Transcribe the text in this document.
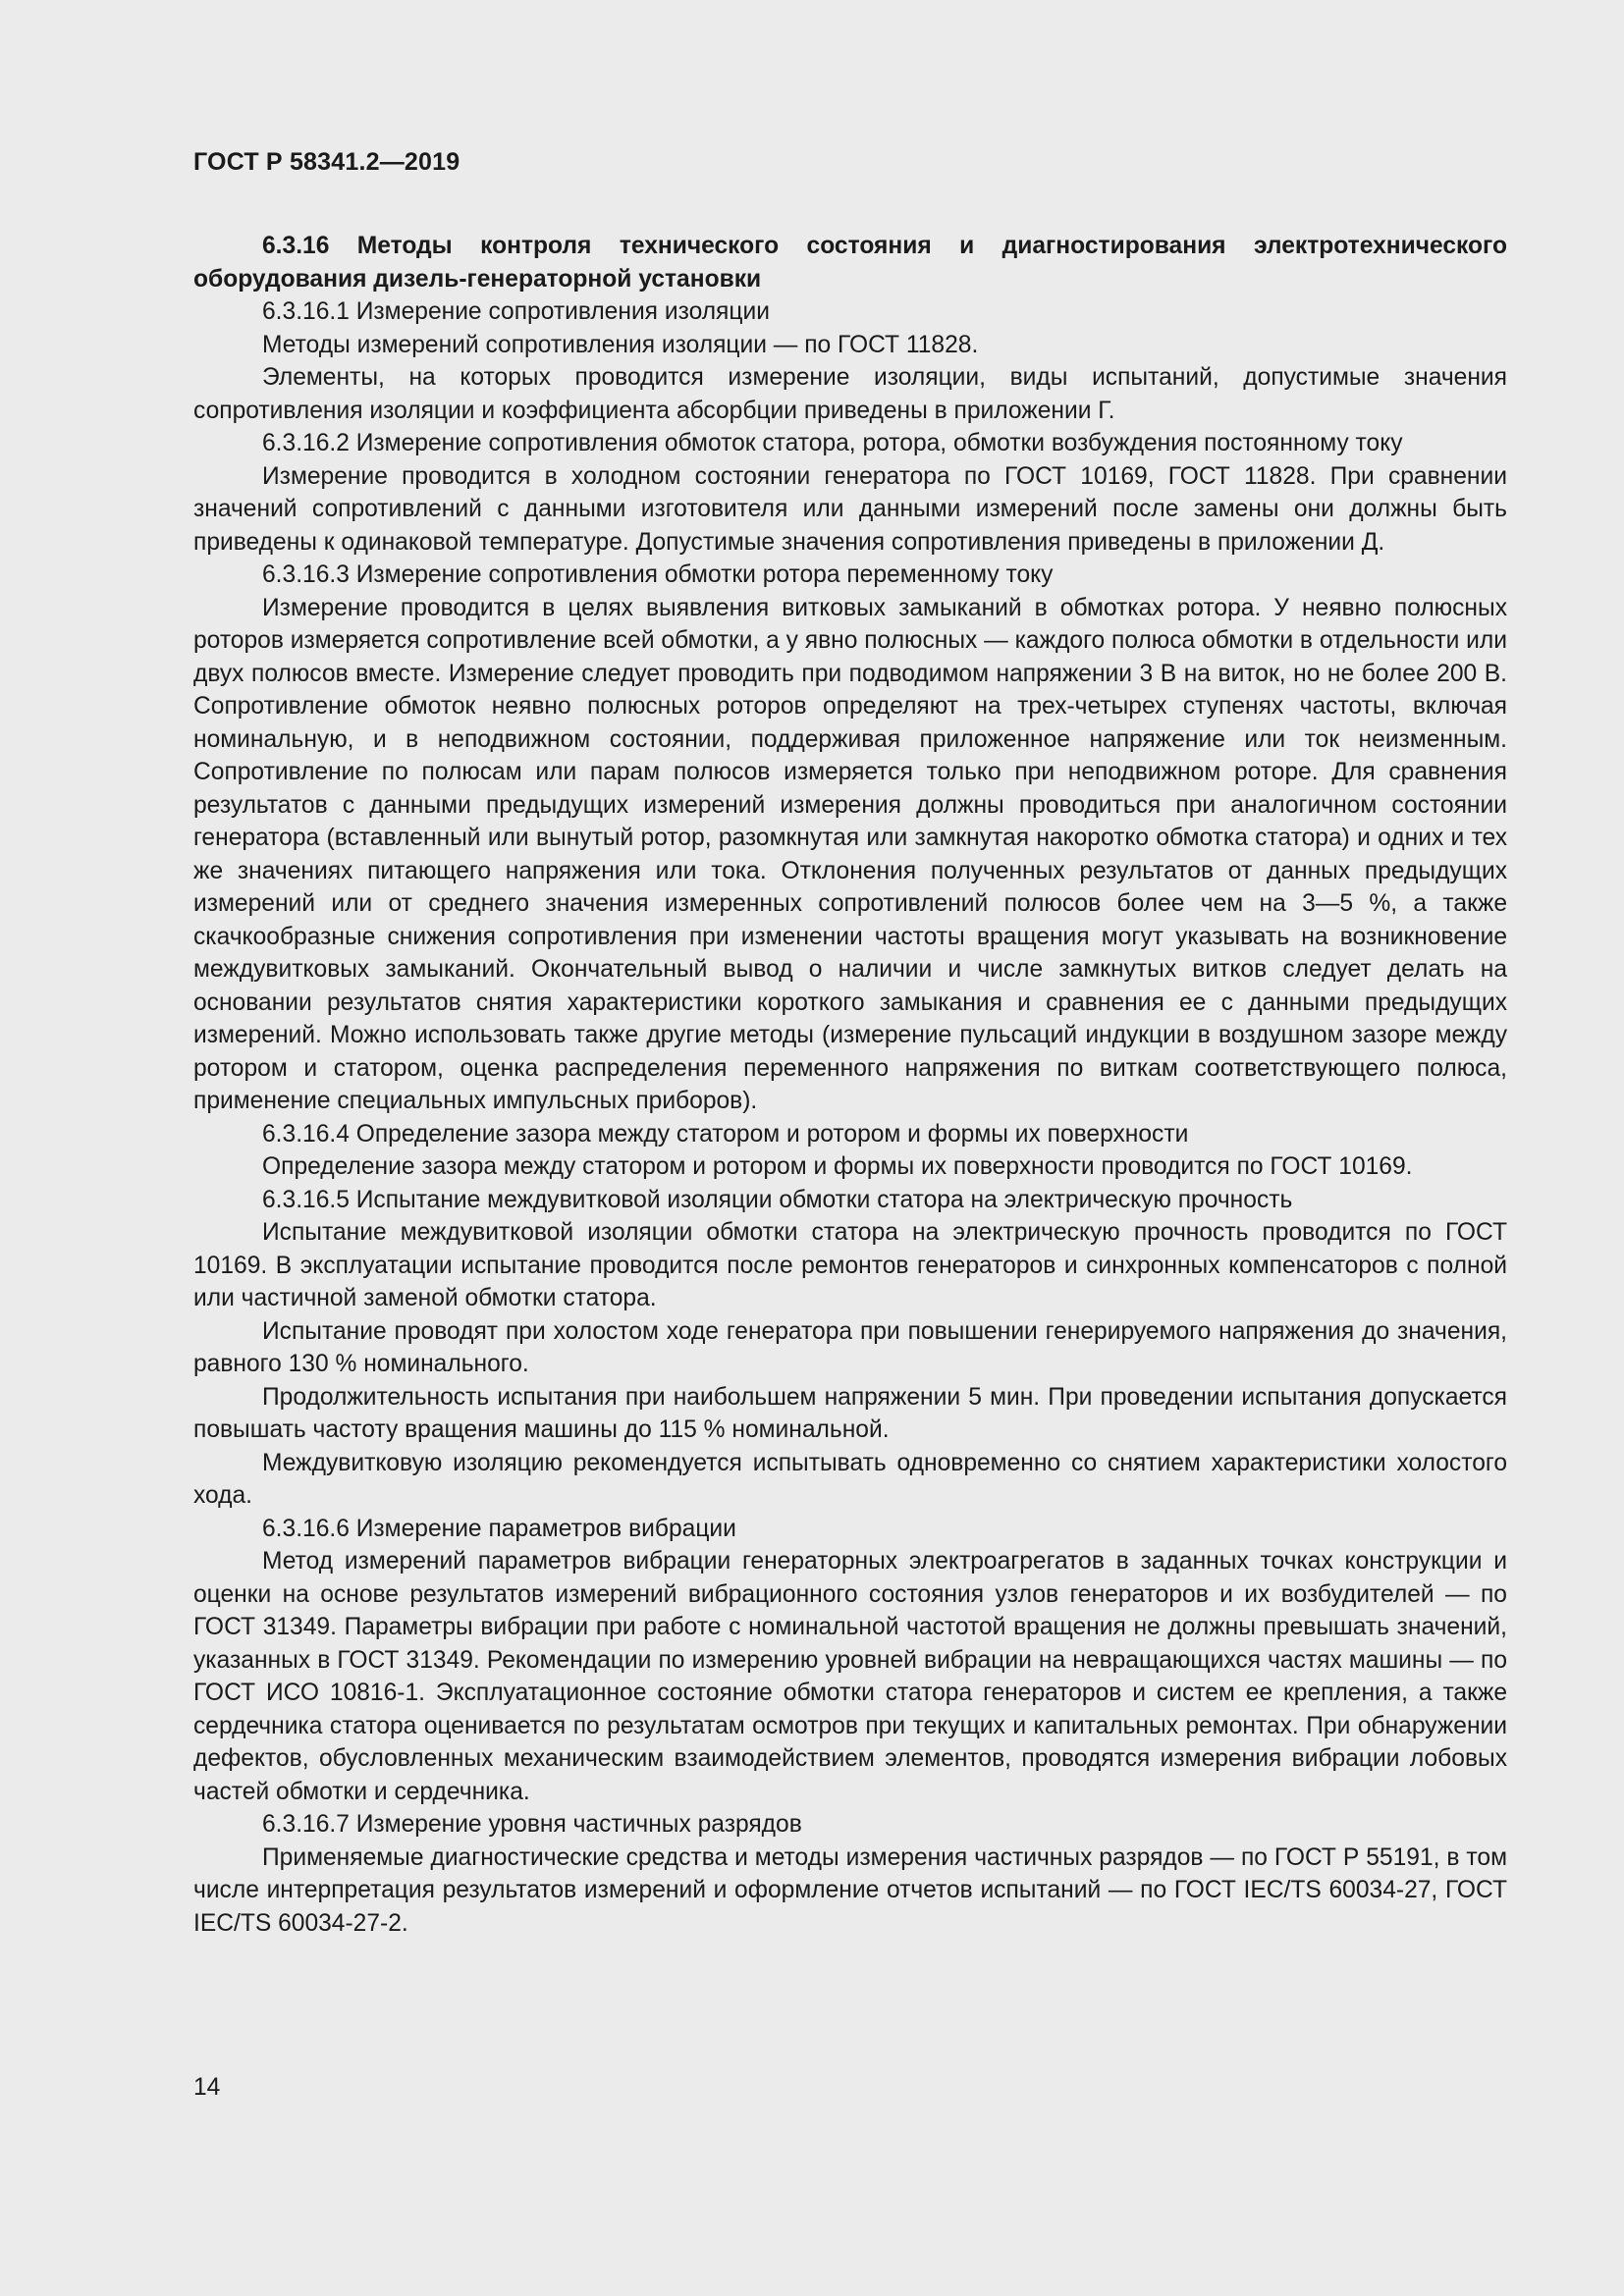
ГОСТ Р 58341.2—2019

6.3.16 Методы контроля технического состояния и диагностирования электротехнического оборудования дизель-генераторной установки

6.3.16.1 Измерение сопротивления изоляции

Методы измерений сопротивления изоляции — по ГОСТ 11828.

Элементы, на которых проводится измерение изоляции, виды испытаний, допустимые значения сопротивления изоляции и коэффициента абсорбции приведены в приложении Г.

6.3.16.2 Измерение сопротивления обмоток статора, ротора, обмотки возбуждения постоянному току

Измерение проводится в холодном состоянии генератора по ГОСТ 10169, ГОСТ 11828. При сравнении значений сопротивлений с данными изготовителя или данными измерений после замены они должны быть приведены к одинаковой температуре. Допустимые значения сопротивления приведены в приложении Д.

6.3.16.3 Измерение сопротивления обмотки ротора переменному току

Измерение проводится в целях выявления витковых замыканий в обмотках ротора. У неявно полюсных роторов измеряется сопротивление всей обмотки, а у явно полюсных — каждого полюса обмотки в отдельности или двух полюсов вместе. Измерение следует проводить при подводимом напряжении 3 В на виток, но не более 200 В. Сопротивление обмоток неявно полюсных роторов определяют на трех-четырех ступенях частоты, включая номинальную, и в неподвижном состоянии, поддерживая приложенное напряжение или ток неизменным. Сопротивление по полюсам или парам полюсов измеряется только при неподвижном роторе. Для сравнения результатов с данными предыдущих измерений измерения должны проводиться при аналогичном состоянии генератора (вставленный или вынутый ротор, разомкнутая или замкнутая накоротко обмотка статора) и одних и тех же значениях питающего напряжения или тока. Отклонения полученных результатов от данных предыдущих измерений или от среднего значения измеренных сопротивлений полюсов более чем на 3—5 %, а также скачкообразные снижения сопротивления при изменении частоты вращения могут указывать на возникновение междувитковых замыканий. Окончательный вывод о наличии и числе замкнутых витков следует делать на основании результатов снятия характеристики короткого замыкания и сравнения ее с данными предыдущих измерений. Можно использовать также другие методы (измерение пульсаций индукции в воздушном зазоре между ротором и статором, оценка распределения переменного напряжения по виткам соответствующего полюса, применение специальных импульсных приборов).

6.3.16.4 Определение зазора между статором и ротором и формы их поверхности

Определение зазора между статором и ротором и формы их поверхности проводится по ГОСТ 10169.

6.3.16.5 Испытание междувитковой изоляции обмотки статора на электрическую прочность

Испытание междувитковой изоляции обмотки статора на электрическую прочность проводится по ГОСТ 10169. В эксплуатации испытание проводится после ремонтов генераторов и синхронных компенсаторов с полной или частичной заменой обмотки статора.

Испытание проводят при холостом ходе генератора при повышении генерируемого напряжения до значения, равного 130 % номинального.

Продолжительность испытания при наибольшем напряжении 5 мин. При проведении испытания допускается повышать частоту вращения машины до 115 % номинальной.

Междувитковую изоляцию рекомендуется испытывать одновременно со снятием характеристики холостого хода.

6.3.16.6 Измерение параметров вибрации

Метод измерений параметров вибрации генераторных электроагрегатов в заданных точках конструкции и оценки на основе результатов измерений вибрационного состояния узлов генераторов и их возбудителей — по ГОСТ 31349. Параметры вибрации при работе с номинальной частотой вращения не должны превышать значений, указанных в ГОСТ 31349. Рекомендации по измерению уровней вибрации на невращающихся частях машины — по ГОСТ ИСО 10816-1. Эксплуатационное состояние обмотки статора генераторов и систем ее крепления, а также сердечника статора оценивается по результатам осмотров при текущих и капитальных ремонтах. При обнаружении дефектов, обусловленных механическим взаимодействием элементов, проводятся измерения вибрации лобовых частей обмотки и сердечника.

6.3.16.7 Измерение уровня частичных разрядов

Применяемые диагностические средства и методы измерения частичных разрядов — по ГОСТ Р 55191, в том числе интерпретация результатов измерений и оформление отчетов испытаний — по ГОСТ IEC/TS 60034-27, ГОСТ IEC/TS 60034-27-2.

14
